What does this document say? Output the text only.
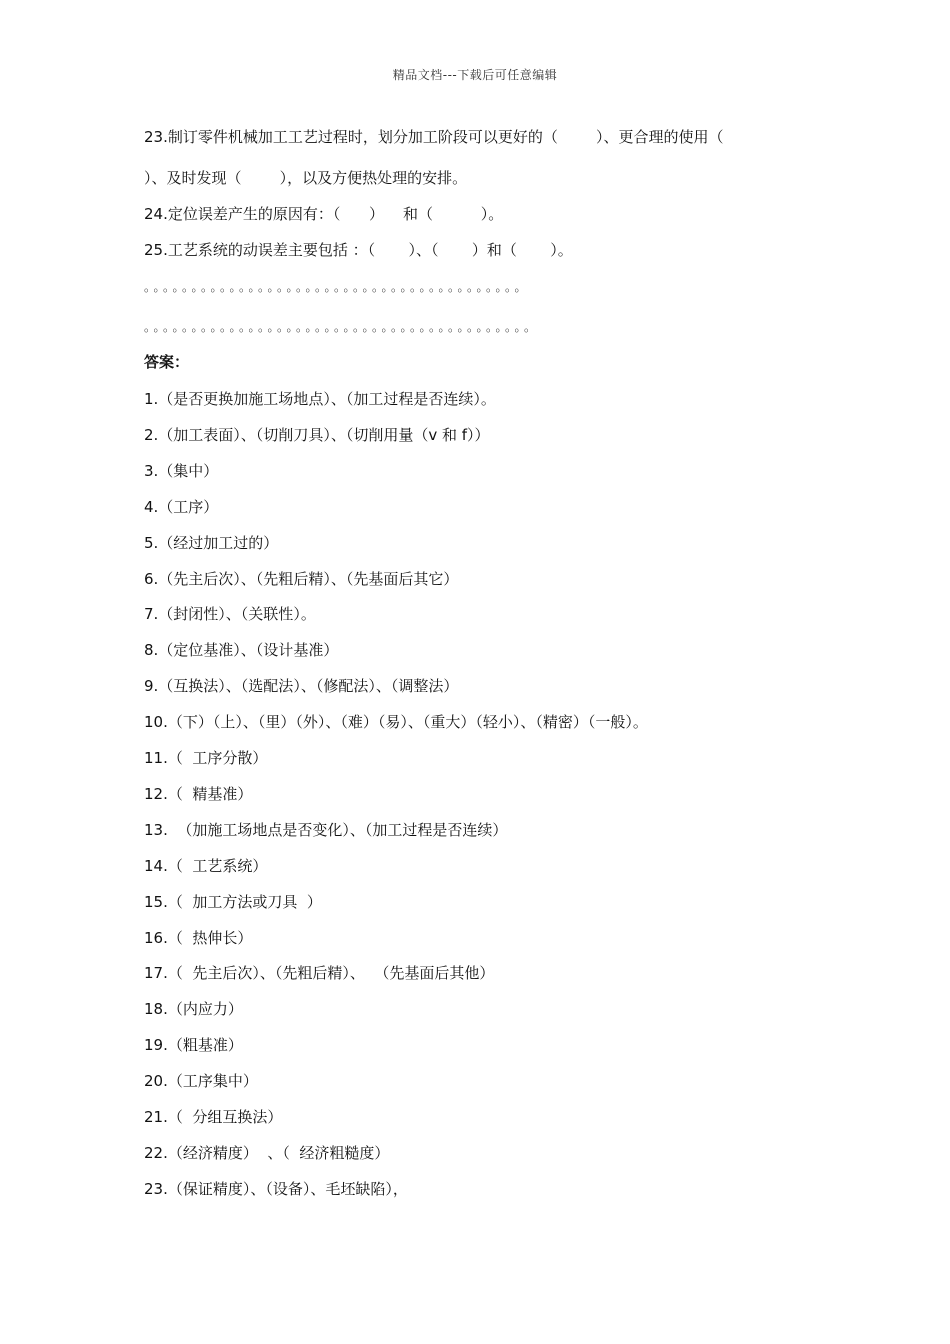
精品文档---下载后可任意编辑
23.制订零件机械加工工艺过程时，划分加工阶段可以更好的（        ）、更合理的使用（
）、及时发现（        ），以及方便热处理的安排。
24.定位误差产生的原因有：（      ）    和（          ）。
25.工艺系统的动误差主要包括 ：（       ）、（       ）和（       ）。
。。。。。。。。。。。。。。。。。。。。。。。。。。。。。。。。。。。。。。。。
。。。。。。。。。。。。。。。。。。。。。。。。。。。。。。。。。。。。。。。。。
答案：
1.（是否更换加施工场地点）、（加工过程是否连续）。
2.（加工表面）、（切削刀具）、（切削用量（v 和 f））
3.（集中）
4.（工序）
5.（经过加工过的）
6.（先主后次）、（先粗后精）、（先基面后其它）
7.（封闭性）、（关联性）。
8.（定位基准）、（设计基准）
9.（互换法）、（选配法）、（修配法）、（调整法）
10.（下）（上）、（里）（外）、（难）（易）、（重大）（轻小）、（精密）（一般）。
11.（  工序分散）
12.（  精基准）
13.  （加施工场地点是否变化）、（加工过程是否连续）
14.（  工艺系统）
15.（  加工方法或刀具  ）
16.（  热伸长）
17.（  先主后次）、（先粗后精）、  （先基面后其他）
18.（内应力）
19.（粗基准）
20.（工序集中）
21.（  分组互换法）
22.（经济精度）  、（  经济粗糙度）
23.（保证精度）、（设备）、毛坯缺陷），
